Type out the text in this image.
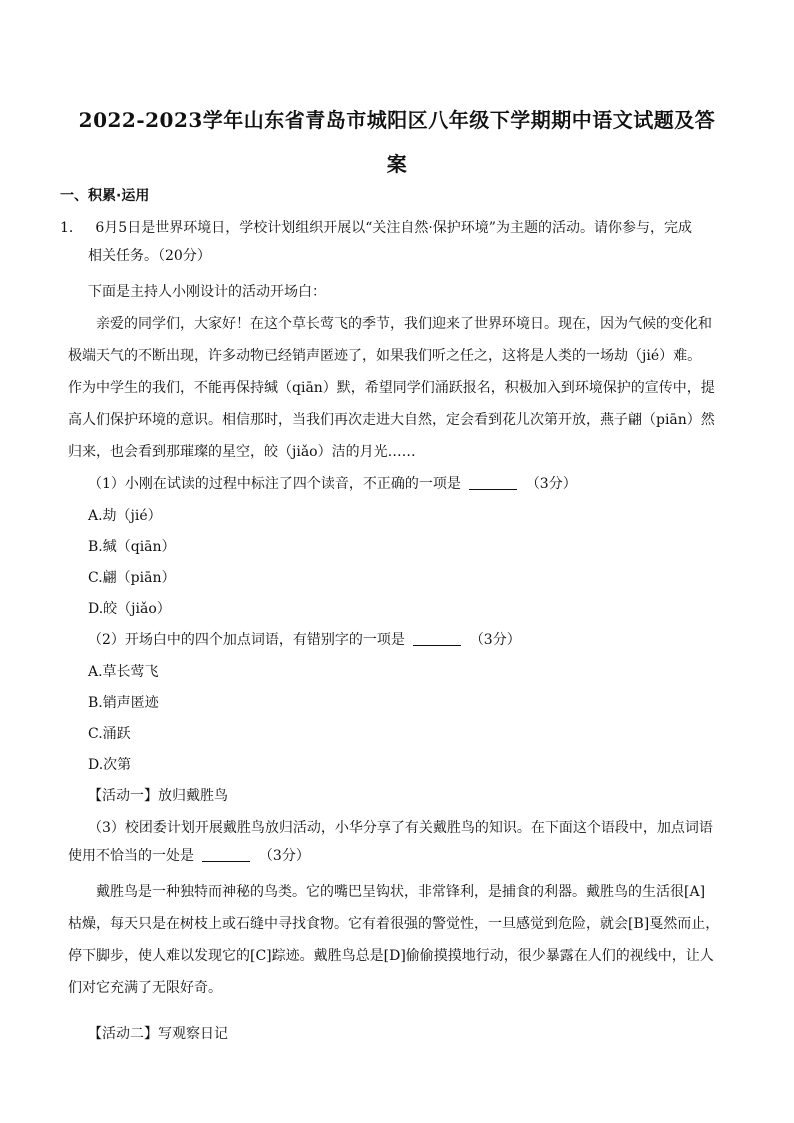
2022-2023学年山东省青岛市城阳区八年级下学期期中语文试题及答
案
一、积累·运用
1． 6月5日是世界环境日，学校计划组织开展以“关注自然·保护环境”为主题的活动。请你参与，完成
相关任务。（20分）
下面是主持人小刚设计的活动开场白：
亲爱的同学们，大家好！在这个草长莺飞的季节，我们迎来了世界环境日。现在，因为气候的变化和
极端天气的不断出现，许多动物已经销声匿迹了，如果我们听之任之，这将是人类的一场劫（jié）难。
作为中学生的我们，不能再保持缄（qiān）默，希望同学们涌跃报名，积极加入到环境保护的宣传中，提
高人们保护环境的意识。相信那时，当我们再次走进大自然，定会看到花儿次第开放，燕子翩（piān）然
归来，也会看到那璀璨的星空，皎（jiǎo）洁的月光……
（1）小刚在试读的过程中标注了四个读音，不正确的一项是	（3分）
A.劫（jié）
B.缄（qiān）
C.翩（piān）
D.皎（jiǎo）
（2）开场白中的四个加点词语，有错别字的一项是	（3分）
A.草长莺飞
B.销声匿迹
C.涌跃
D.次第
【活动一】放归戴胜鸟
（3）校团委计划开展戴胜鸟放归活动，小华分享了有关戴胜鸟的知识。在下面这个语段中，加点词语
使用不恰当的一处是	（3分）
戴胜鸟是一种独特而神秘的鸟类。它的嘴巴呈钩状，非常锋利，是捕食的利器。戴胜鸟的生活很[A]
枯燥，每天只是在树枝上或石缝中寻找食物。它有着很强的警觉性，一旦感觉到危险，就会[B]戛然而止，
停下脚步，使人难以发现它的[C]踪迹。戴胜鸟总是[D]偷偷摸摸地行动，很少暴露在人们的视线中，让人
们对它充满了无限好奇。
【活动二】写观察日记
